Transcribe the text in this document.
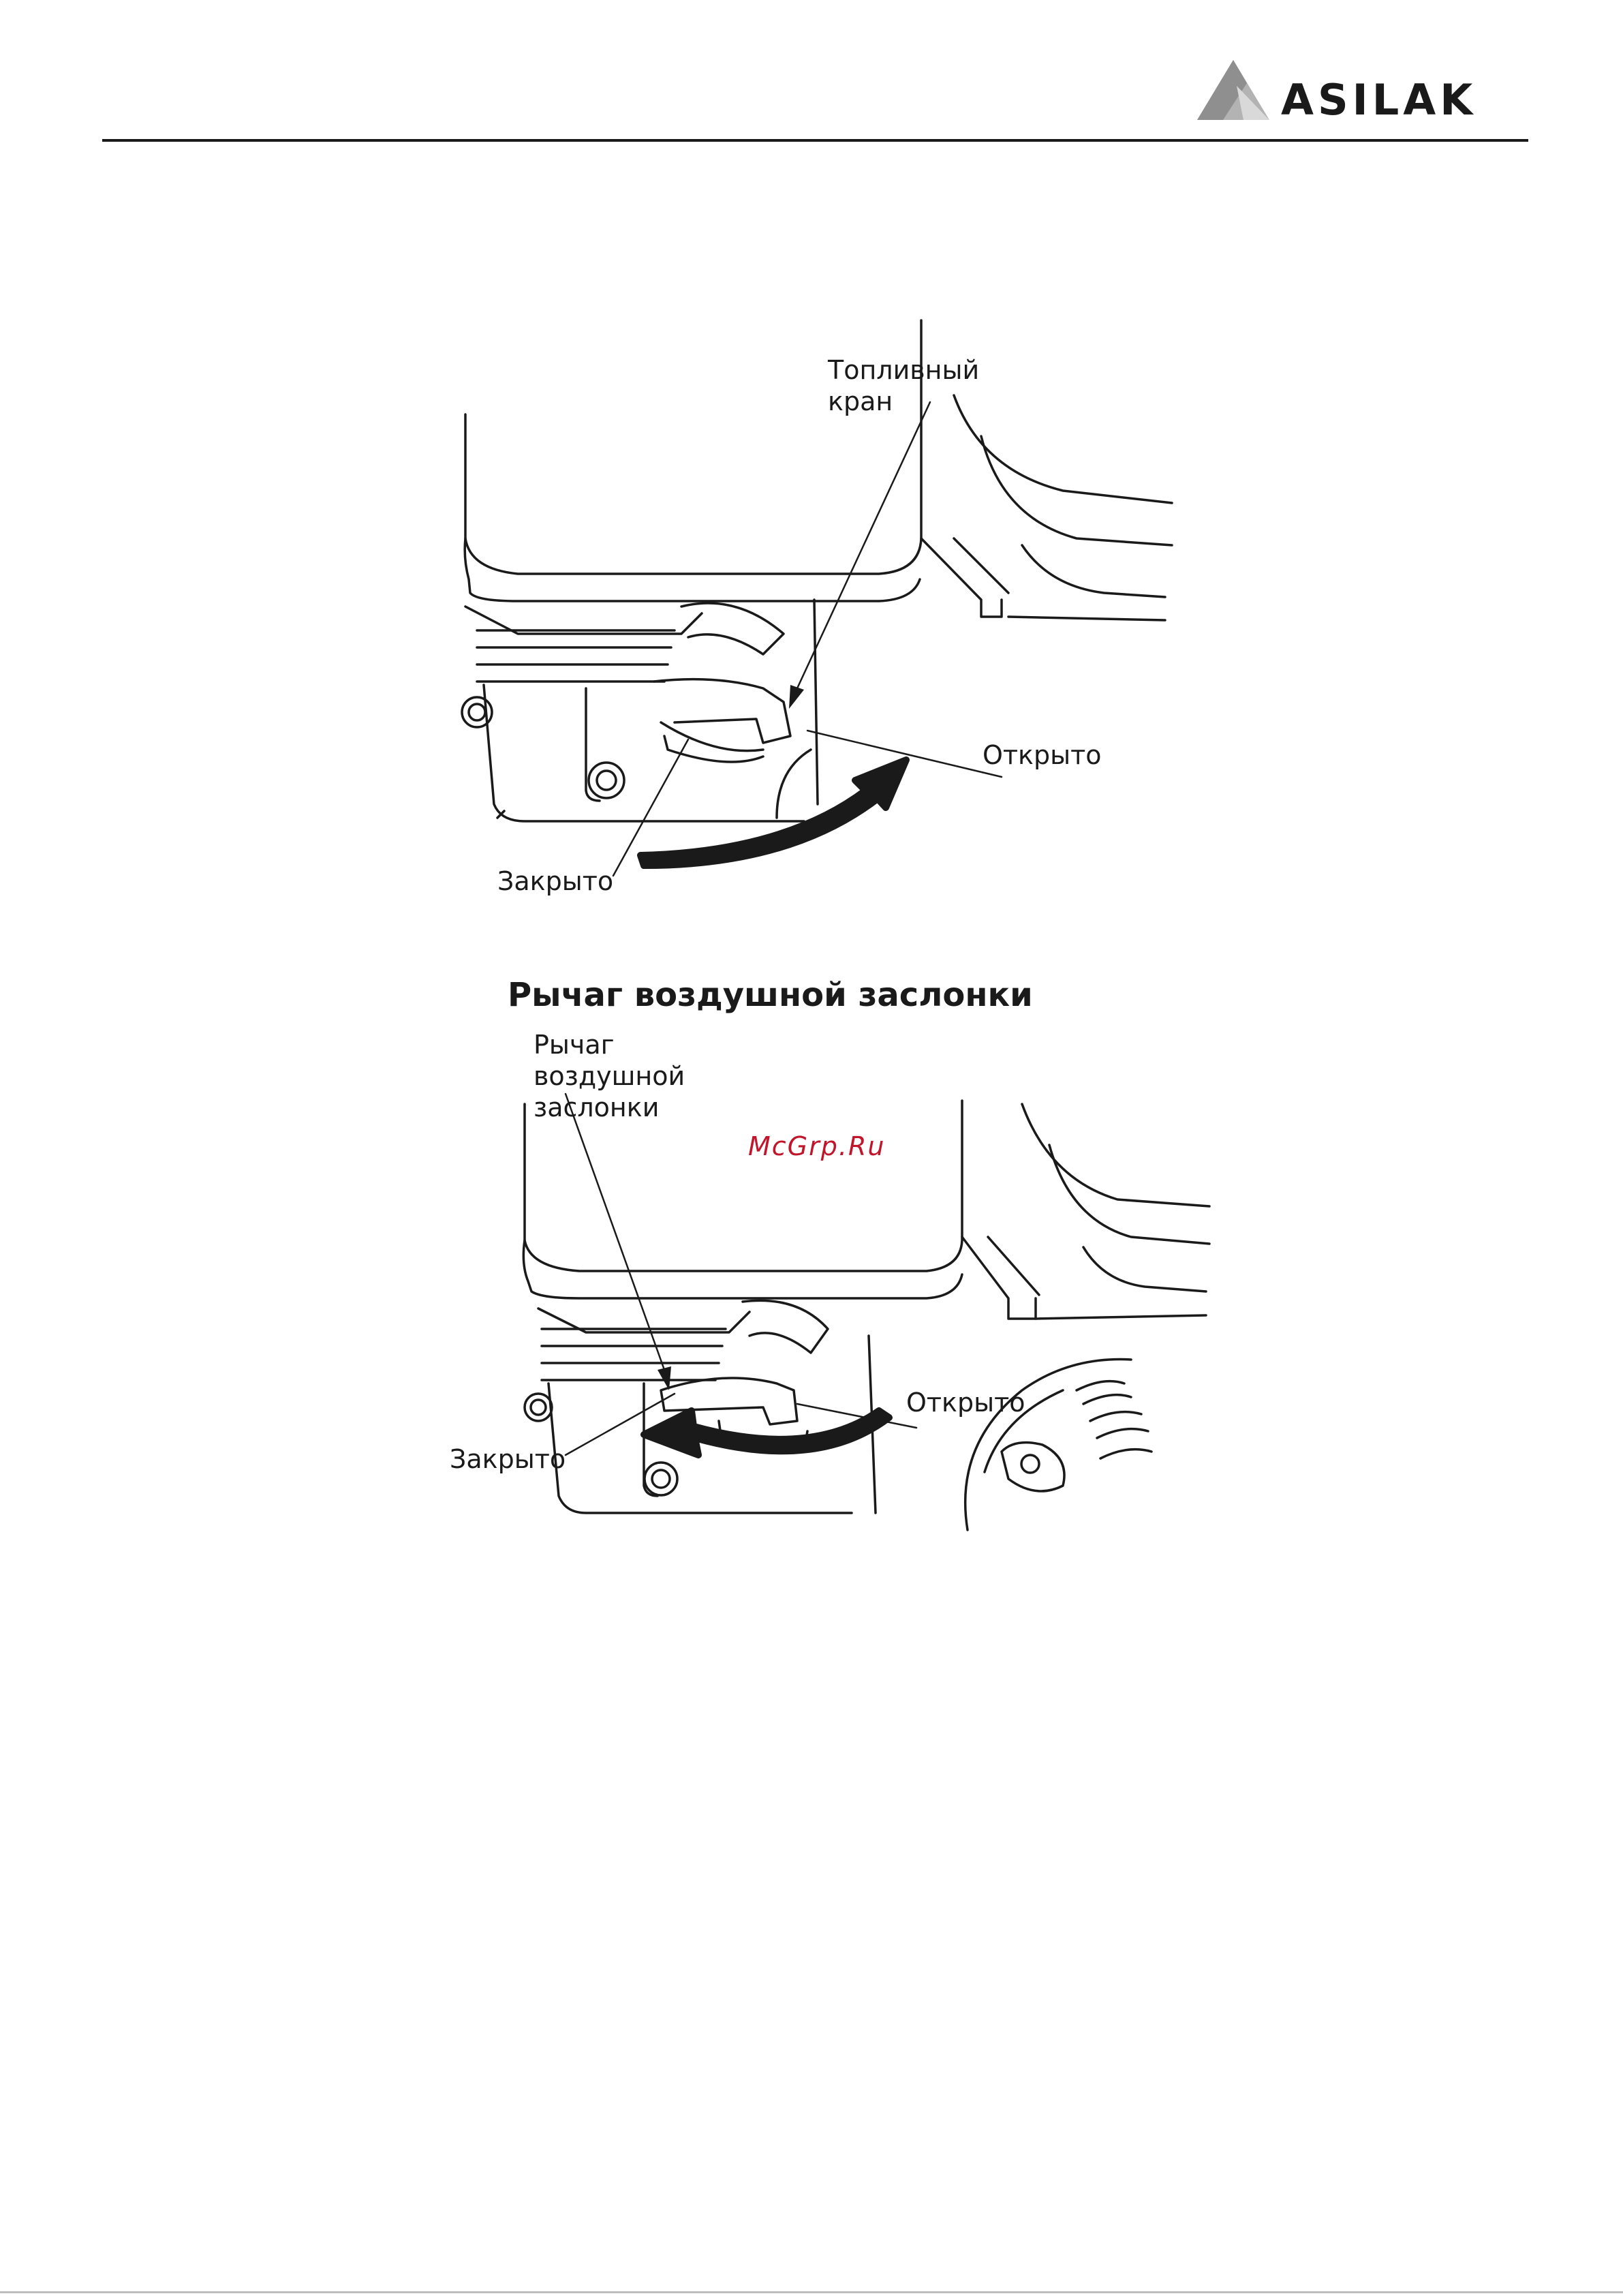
ASILAK
Топливный кран
Открыто
Закрыто
Рычаг воздушной заслонки
Рычаг воздушной заслонки
Открыто
Закрыто
McGrp.Ru
